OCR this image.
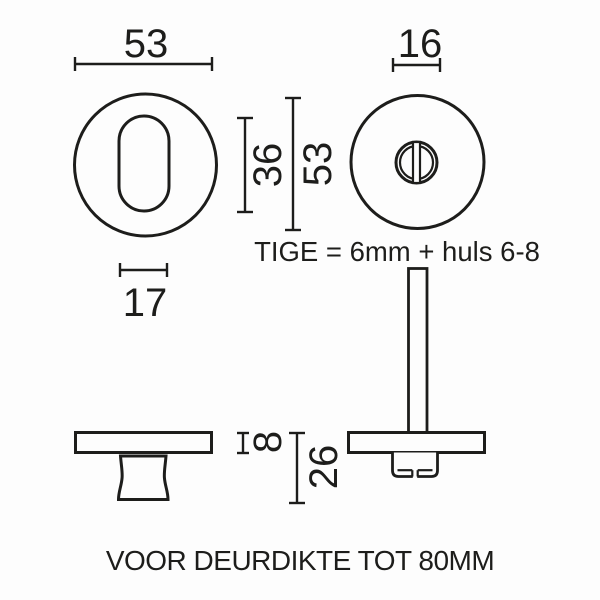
53
36 53
17
16
TIGE = 6mm + huls 6-8
8
26
VOOR DEURDIKTE TOT 80MM
